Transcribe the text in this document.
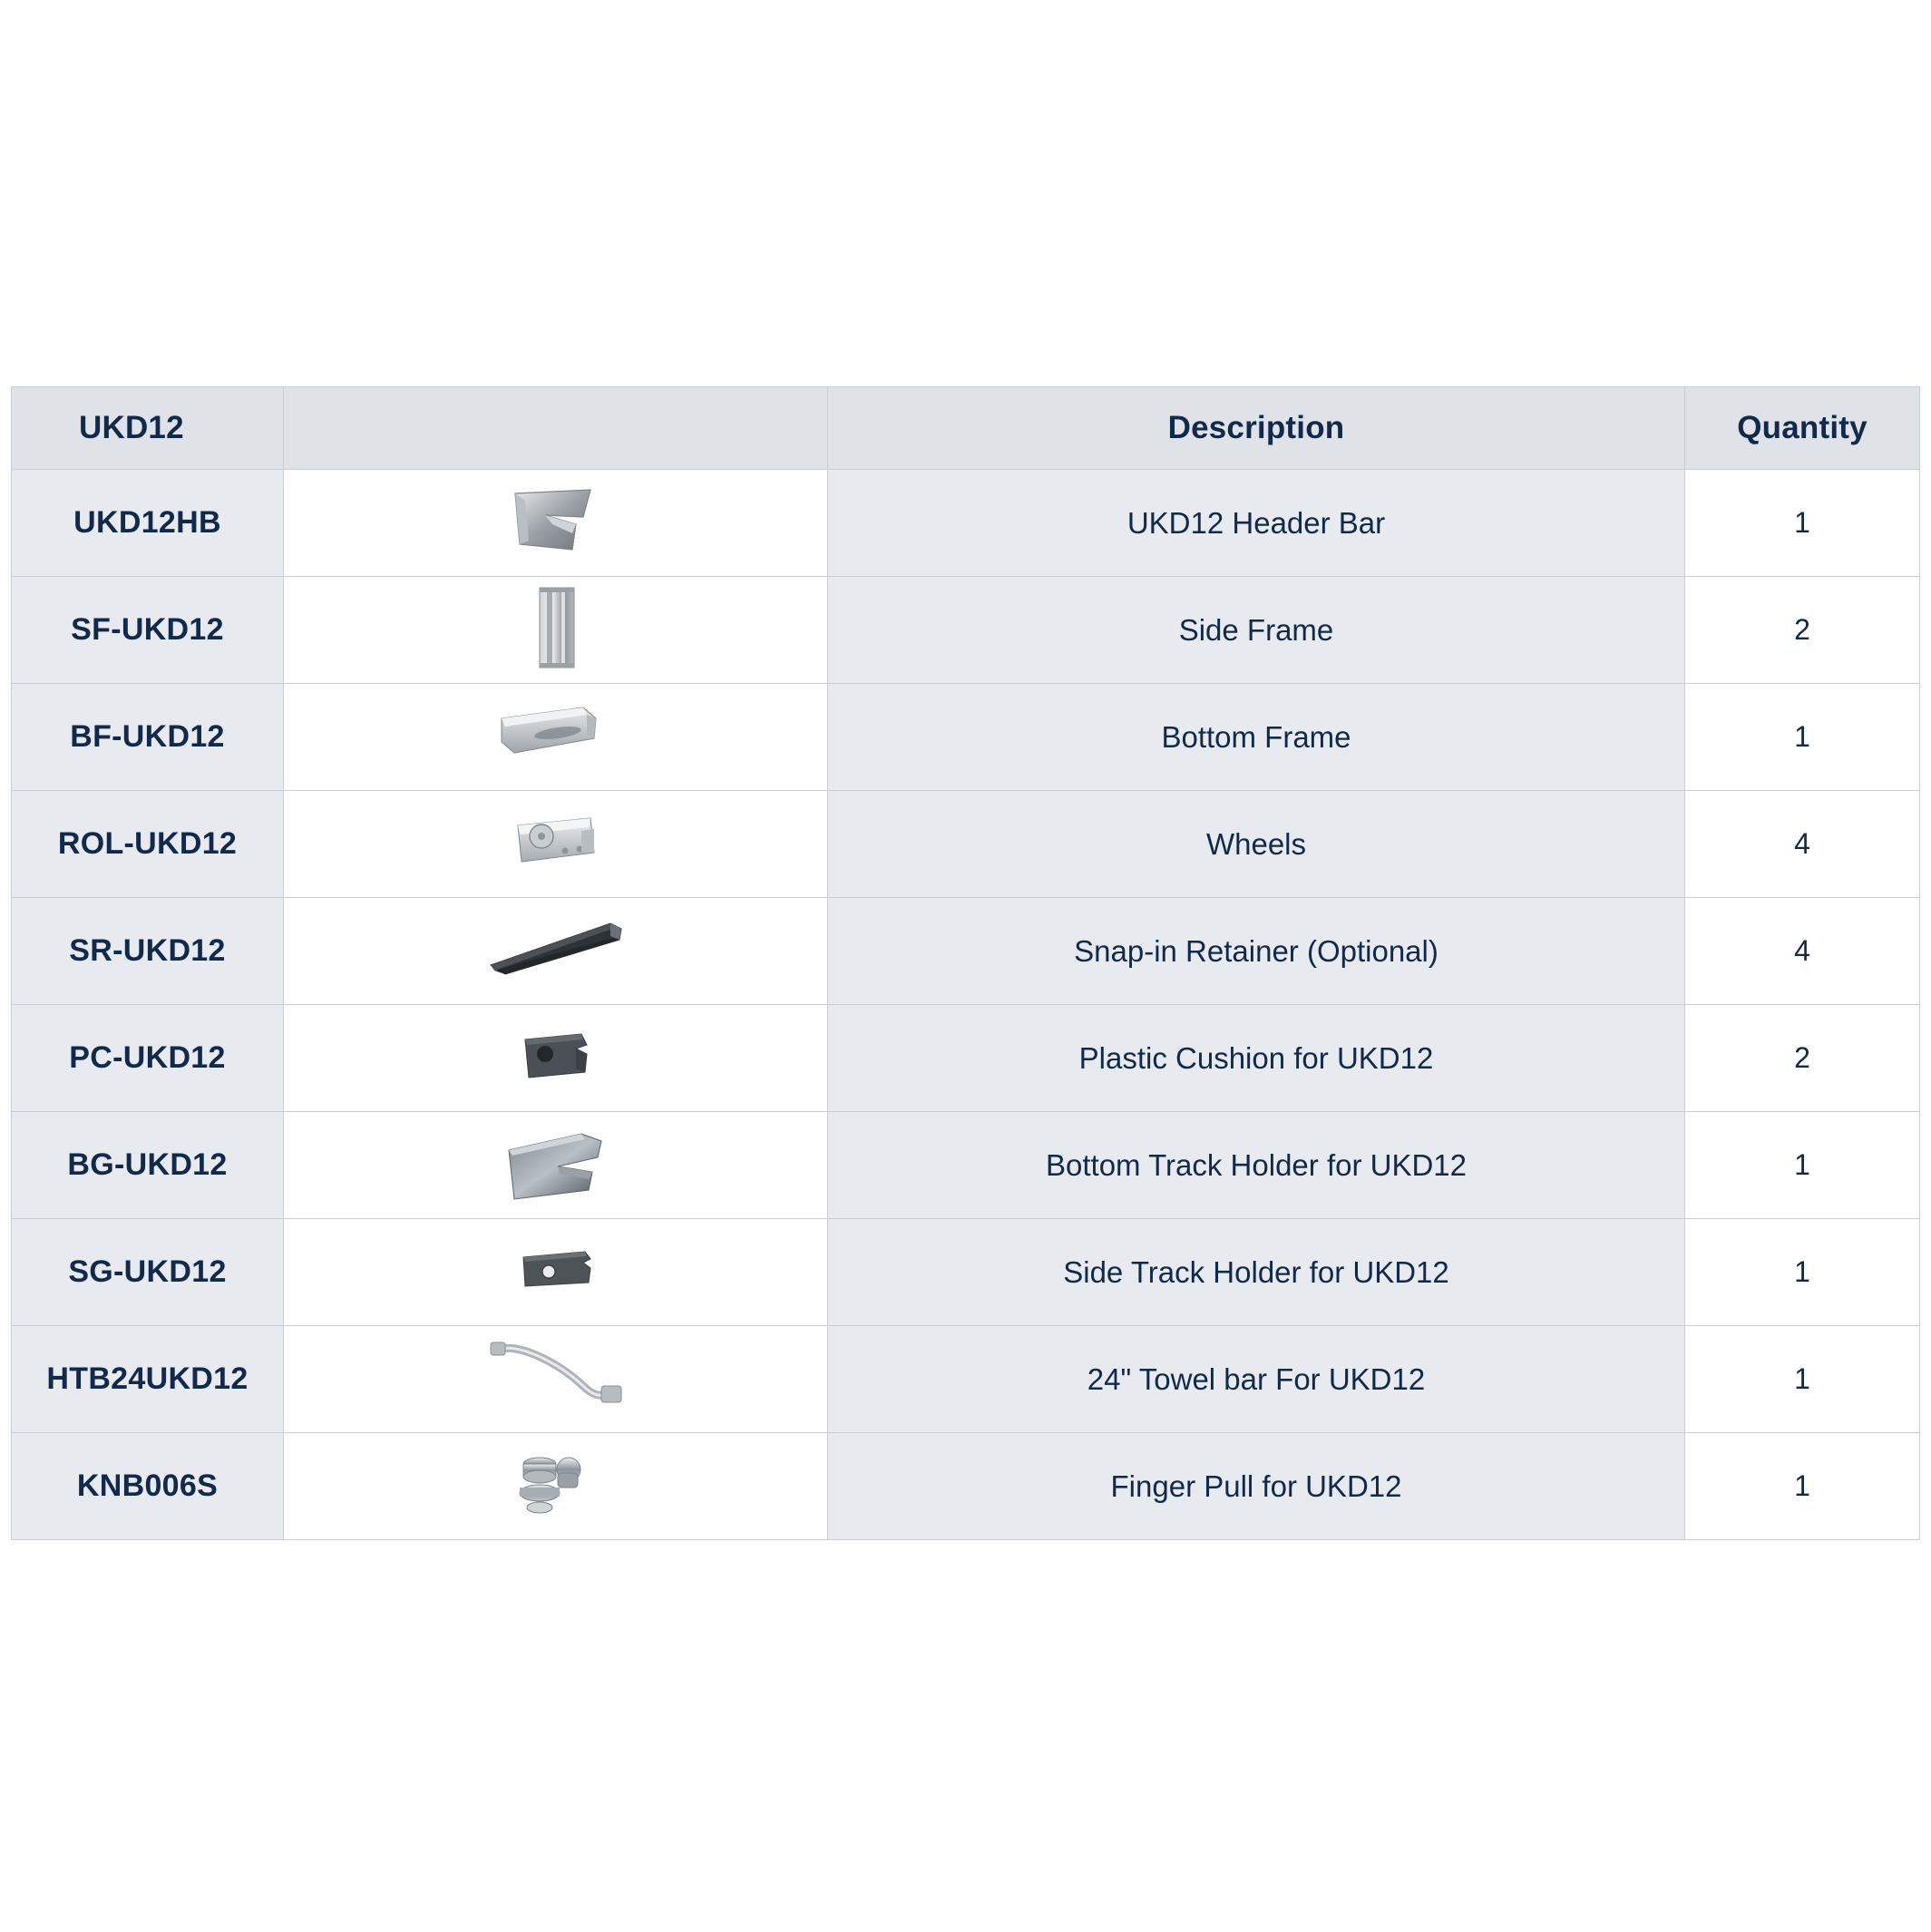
UKD12		Description	Quantity
UKD12HB		UKD12 Header Bar	1
SF-UKD12		Side Frame	2
BF-UKD12		Bottom Frame	1
ROL-UKD12		Wheels	4
SR-UKD12		Snap-in Retainer (Optional)	4
PC-UKD12		Plastic Cushion for UKD12	2
BG-UKD12		Bottom Track Holder for UKD12	1
SG-UKD12		Side Track Holder for UKD12	1
HTB24UKD12		24" Towel bar For UKD12	1
KNB006S		Finger Pull for UKD12	1
